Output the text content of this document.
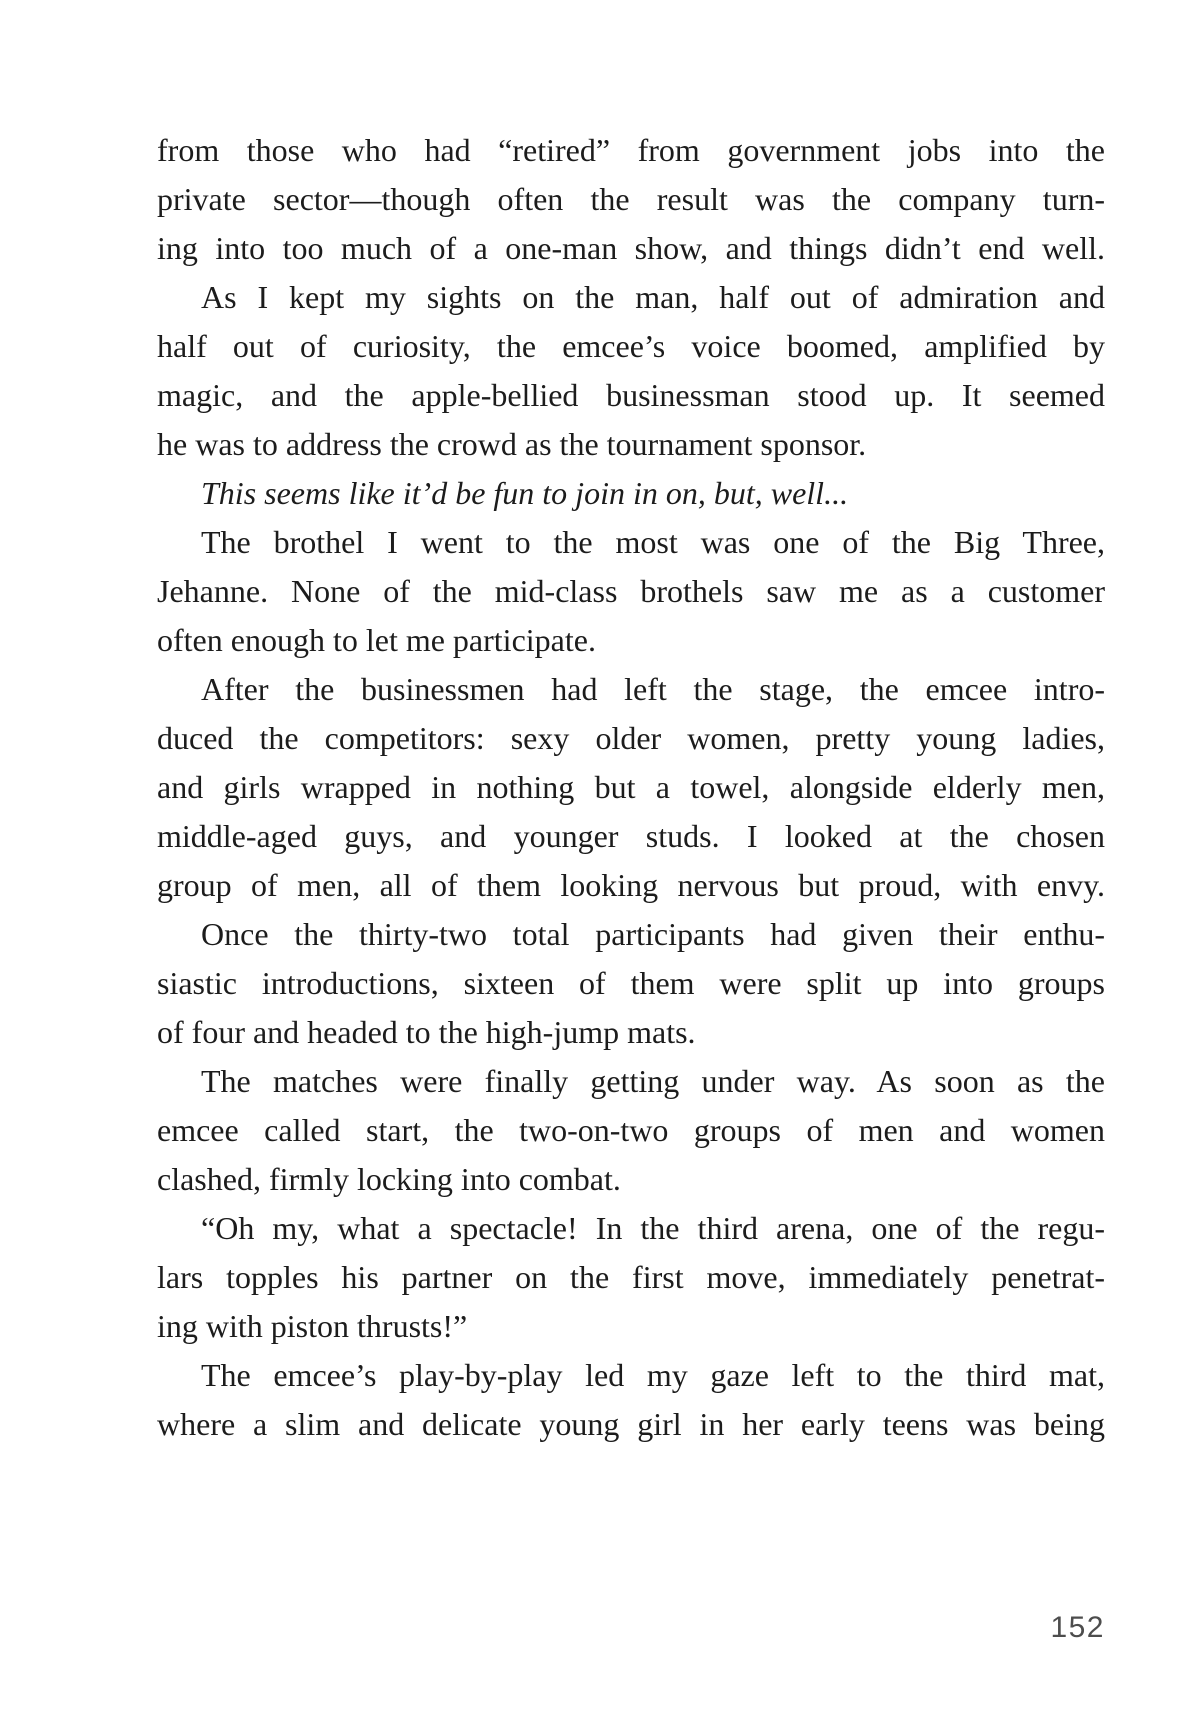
from those who had “retired” from government jobs into the
private sector—though often the result was the company turn-
ing into too much of a one-man show, and things didn’t end well.
As I kept my sights on the man, half out of admiration and
half out of curiosity, the emcee’s voice boomed, amplified by
magic, and the apple-bellied businessman stood up. It seemed
he was to address the crowd as the tournament sponsor.
This seems like it’d be fun to join in on, but, well...
The brothel I went to the most was one of the Big Three,
Jehanne. None of the mid-class brothels saw me as a customer
often enough to let me participate.
After the businessmen had left the stage, the emcee intro-
duced the competitors: sexy older women, pretty young ladies,
and girls wrapped in nothing but a towel, alongside elderly men,
middle-aged guys, and younger studs. I looked at the chosen
group of men, all of them looking nervous but proud, with envy.
Once the thirty-two total participants had given their enthu-
siastic introductions, sixteen of them were split up into groups
of four and headed to the high-jump mats.
The matches were finally getting under way. As soon as the
emcee called start, the two-on-two groups of men and women
clashed, firmly locking into combat.
“Oh my, what a spectacle! In the third arena, one of the regu-
lars topples his partner on the first move, immediately penetrat-
ing with piston thrusts!”
The emcee’s play-by-play led my gaze left to the third mat,
where a slim and delicate young girl in her early teens was being
152
